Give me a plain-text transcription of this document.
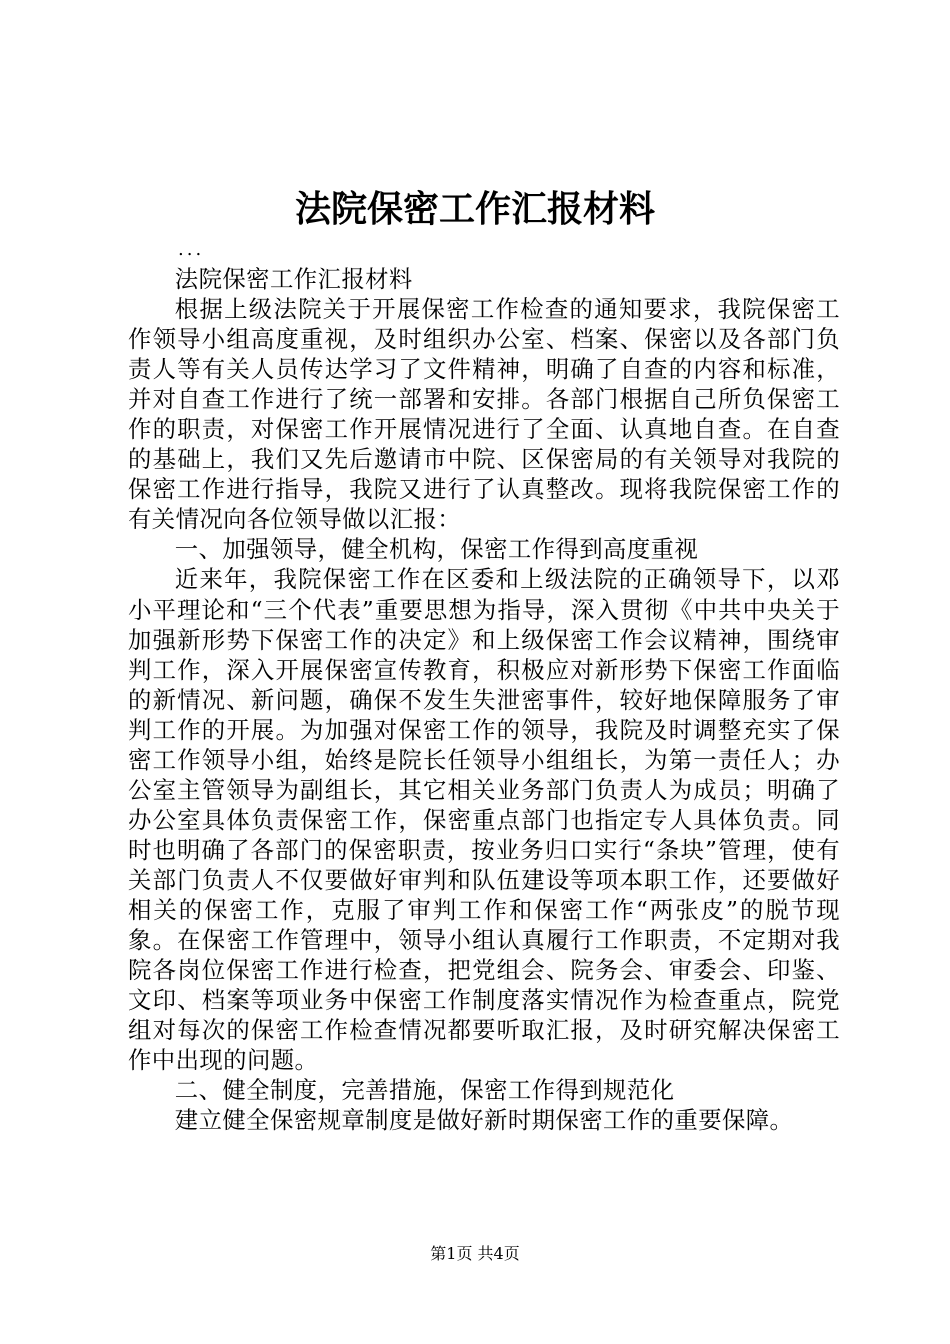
法院保密工作汇报材料
...

法院保密工作汇报材料

根据上级法院关于开展保密工作检查的通知要求，我院保密工作领导小组高度重视，及时组织办公室、档案、保密以及各部门负责人等有关人员传达学习了文件精神，明确了自查的内容和标准，并对自查工作进行了统一部署和安排。各部门根据自己所负保密工作的职责，对保密工作开展情况进行了全面、认真地自查。在自查的基础上，我们又先后邀请市中院、区保密局的有关领导对我院的保密工作进行指导，我院又进行了认真整改。现将我院保密工作的有关情况向各位领导做以汇报：

一、加强领导，健全机构，保密工作得到高度重视

近来年，我院保密工作在区委和上级法院的正确领导下，以邓小平理论和“三个代表”重要思想为指导，深入贯彻《中共中央关于加强新形势下保密工作的决定》和上级保密工作会议精神，围绕审判工作，深入开展保密宣传教育，积极应对新形势下保密工作面临的新情况、新问题，确保不发生失泄密事件，较好地保障服务了审判工作的开展。为加强对保密工作的领导，我院及时调整充实了保密工作领导小组，始终是院长任领导小组组长，为第一责任人；办公室主管领导为副组长，其它相关业务部门负责人为成员；明确了办公室具体负责保密工作，保密重点部门也指定专人具体负责。同时也明确了各部门的保密职责，按业务归口实行“条块”管理，使有关部门负责人不仅要做好审判和队伍建设等项本职工作，还要做好相关的保密工作，克服了审判工作和保密工作“两张皮”的脱节现象。在保密工作管理中，领导小组认真履行工作职责，不定期对我院各岗位保密工作进行检查，把党组会、院务会、审委会、印鉴、文印、档案等项业务中保密工作制度落实情况作为检查重点，院党组对每次的保密工作检查情况都要听取汇报，及时研究解决保密工作中出现的问题。

二、健全制度，完善措施，保密工作得到规范化

建立健全保密规章制度是做好新时期保密工作的重要保障。

第1页 共4页
